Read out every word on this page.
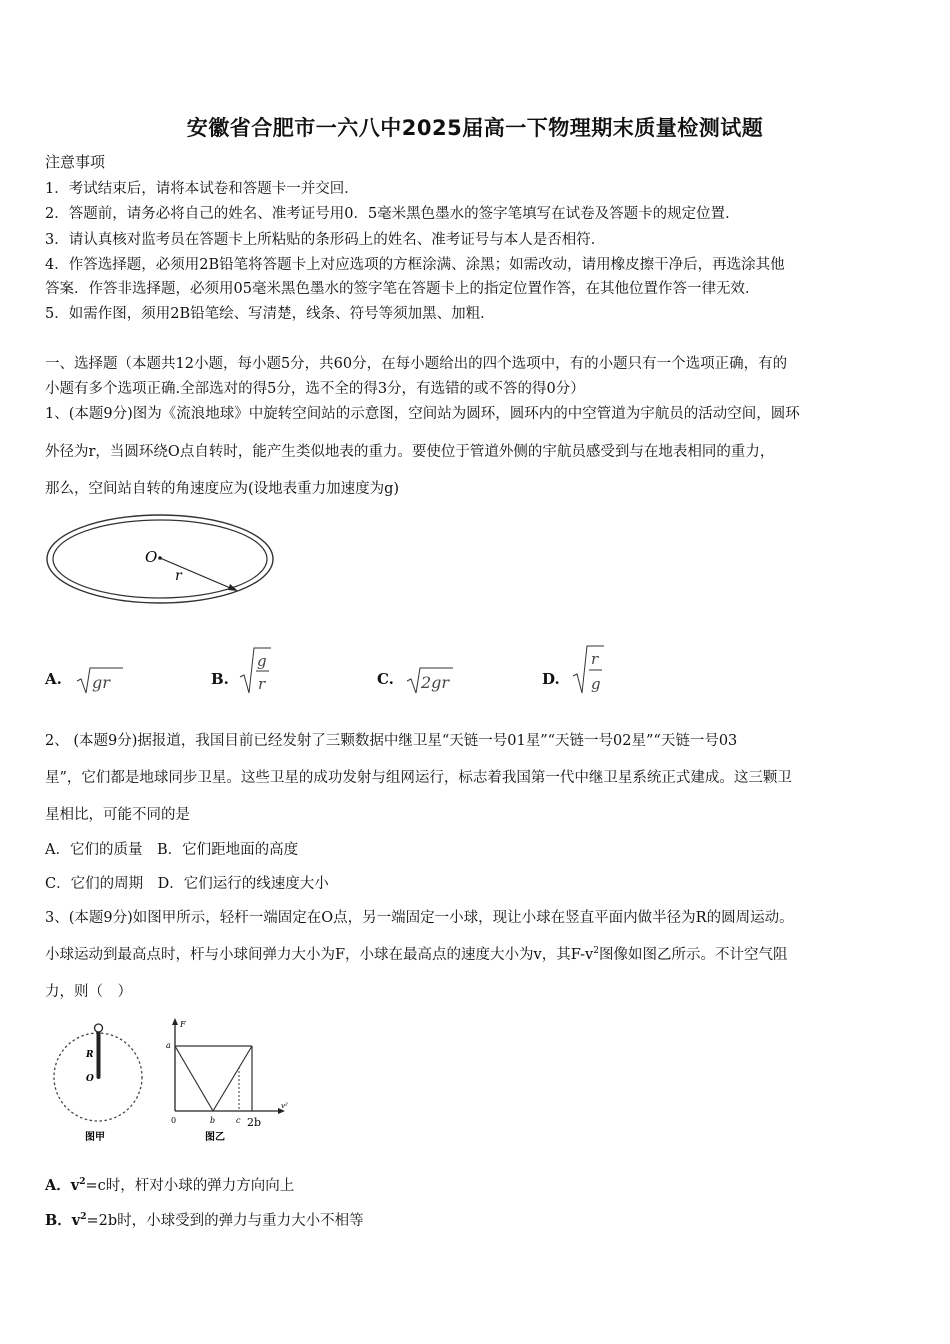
安徽省合肥市一六八中2025届高一下物理期末质量检测试题
注意事项
1．考试结束后，请将本试卷和答题卡一并交回．
2．答题前，请务必将自己的姓名、准考证号用0．5毫米黑色墨水的签字笔填写在试卷及答题卡的规定位置．
3．请认真核对监考员在答题卡上所粘贴的条形码上的姓名、准考证号与本人是否相符．
4．作答选择题，必须用2B铅笔将答题卡上对应选项的方框涂满、涂黑；如需改动，请用橡皮擦干净后，再选涂其他
答案．作答非选择题，必须用05毫米黑色墨水的签字笔在答题卡上的指定位置作答，在其他位置作答一律无效．
5．如需作图，须用2B铅笔绘、写清楚，线条、符号等须加黑、加粗．
一、选择题（本题共12小题，每小题5分，共60分，在每小题给出的四个选项中，有的小题只有一个选项正确，有的
小题有多个选项正确.全部选对的得5分，选不全的得3分，有选错的或不答的得0分）
1、(本题9分)图为《流浪地球》中旋转空间站的示意图，空间站为圆环，圆环内的中空管道为宇航员的活动空间，圆环
外径为r，当圆环绕O点自转时，能产生类似地表的重力。要使位于管道外侧的宇航员感受到与在地表相同的重力，
那么，空间站自转的角速度应为(设地表重力加速度为g)
O
r
A. gr	B.
g
r	C. 2gr	D.
r
g
2、 (本题9分)据报道，我国目前已经发射了三颗数据中继卫星“天链一号01星”“天链一号02星”“天链一号03
星”，它们都是地球同步卫星。这些卫星的成功发射与组网运行，标志着我国第一代中继卫星系统正式建成。这三颗卫
星相比，可能不同的是
A．它们的质量　B．它们距地面的高度
C．它们的周期　D．它们运行的线速度大小
3、(本题9分)如图甲所示，轻杆一端固定在O点，另一端固定一小球，现让小球在竖直平面内做半径为R的圆周运动。
小球运动到最高点时，杆与小球间弹力大小为F，小球在最高点的速度大小为v，其$F-v^2$图像如图乙所示。不计空气阻
力，则（　）
R
O
图甲
F
a
v²
0	b	c 2b
图乙
A．$v^2=c$时，杆对小球的弹力方向向上
B．$v^2=2b$时，小球受到的弹力与重力大小不相等
